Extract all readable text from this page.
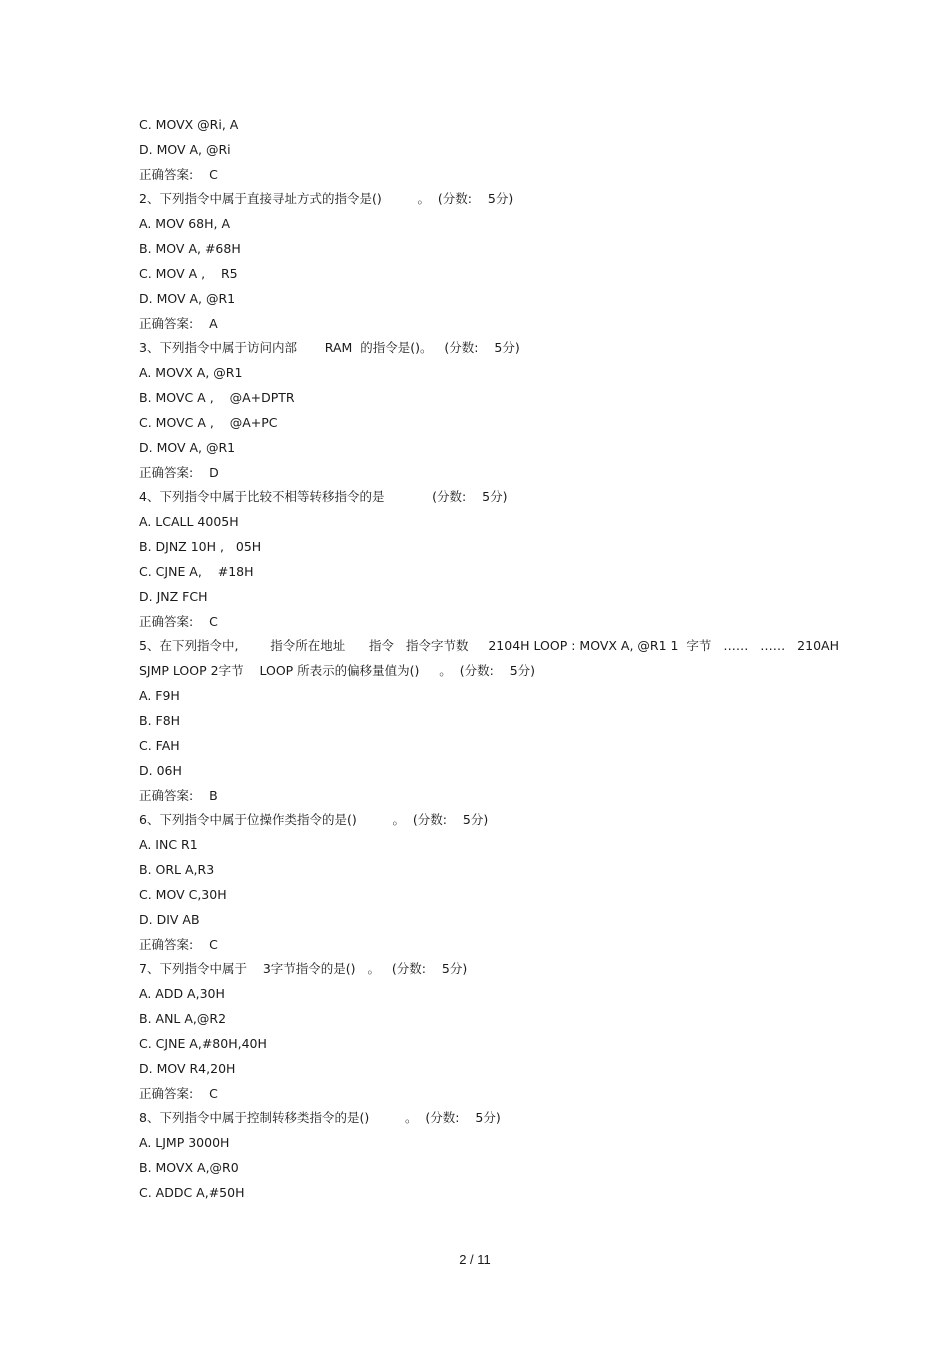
C. MOVX @Ri, A
D. MOV A, @Ri
正确答案:    C
2、下列指令中属于直接寻址方式的指令是()         。  (分数:    5分)
A. MOV 68H, A
B. MOV A, #68H
C. MOV A ,    R5
D. MOV A, @R1
正确答案:    A
3、下列指令中属于访问内部       RAM  的指令是()。   (分数:    5分)
A. MOVX A, @R1
B. MOVC A ,    @A+DPTR
C. MOVC A ,    @A+PC
D. MOV A, @R1
正确答案:    D
4、下列指令中属于比较不相等转移指令的是            (分数:    5分)
A. LCALL 4005H
B. DJNZ 10H ,   05H
C. CJNE A,    #18H
D. JNZ FCH
正确答案:    C
5、在下列指令中,        指令所在地址      指令   指令字节数     2104H LOOP : MOVX A, @R1 1  字节   ……   ……   210AH
SJMP LOOP 2字节    LOOP 所表示的偏移量值为()     。  (分数:    5分)
A. F9H
B. F8H
C. FAH
D. 06H
正确答案:    B
6、下列指令中属于位操作类指令的是()         。  (分数:    5分)
A. INC R1
B. ORL A,R3
C. MOV C,30H
D. DIV AB
正确答案:    C
7、下列指令中属于    3字节指令的是()   。   (分数:    5分)
A. ADD A,30H
B. ANL A,@R2
C. CJNE A,#80H,40H
D. MOV R4,20H
正确答案:    C
8、下列指令中属于控制转移类指令的是()         。  (分数:    5分)
A. LJMP 3000H
B. MOVX A,@R0
C. ADDC A,#50H
2 / 11
